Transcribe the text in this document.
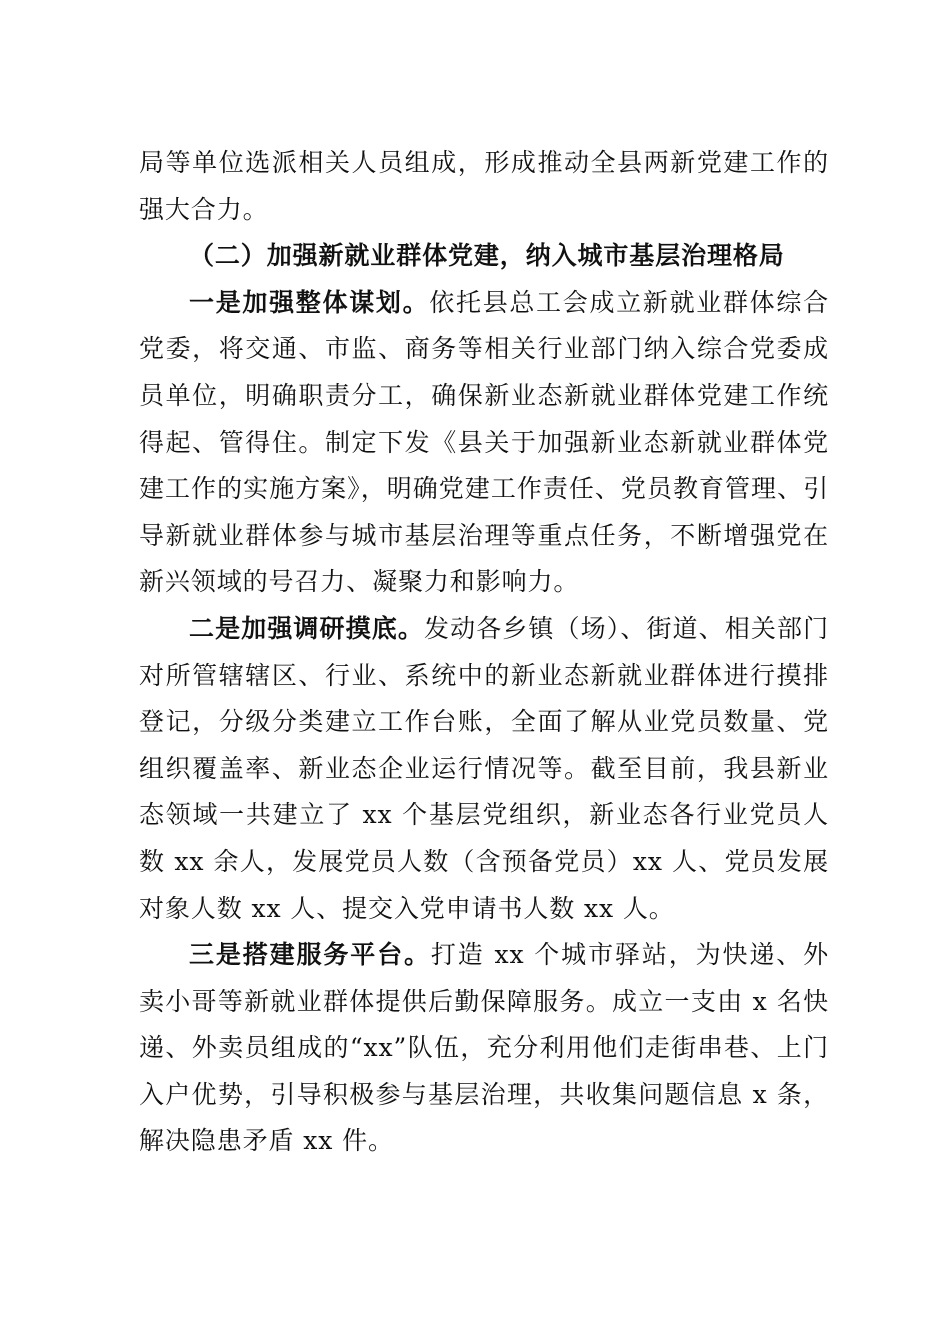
局等单位选派相关人员组成，形成推动全县两新党建工作的强大合力。

（二）加强新就业群体党建，纳入城市基层治理格局

一是加强整体谋划。依托县总工会成立新就业群体综合党委，将交通、市监、商务等相关行业部门纳入综合党委成员单位，明确职责分工，确保新业态新就业群体党建工作统得起、管得住。制定下发《县关于加强新业态新就业群体党建工作的实施方案》，明确党建工作责任、党员教育管理、引导新就业群体参与城市基层治理等重点任务，不断增强党在新兴领域的号召力、凝聚力和影响力。

二是加强调研摸底。发动各乡镇（场）、街道、相关部门对所管辖辖区、行业、系统中的新业态新就业群体进行摸排登记，分级分类建立工作台账，全面了解从业党员数量、党组织覆盖率、新业态企业运行情况等。截至目前，我县新业态领域一共建立了 xx 个基层党组织，新业态各行业党员人数 xx 余人，发展党员人数（含预备党员）xx 人、党员发展对象人数 xx 人、提交入党申请书人数 xx 人。

三是搭建服务平台。打造 xx 个城市驿站，为快递、外卖小哥等新就业群体提供后勤保障服务。成立一支由 x 名快递、外卖员组成的“xx”队伍，充分利用他们走街串巷、上门入户优势，引导积极参与基层治理，共收集问题信息 x 条，解决隐患矛盾 xx 件。
